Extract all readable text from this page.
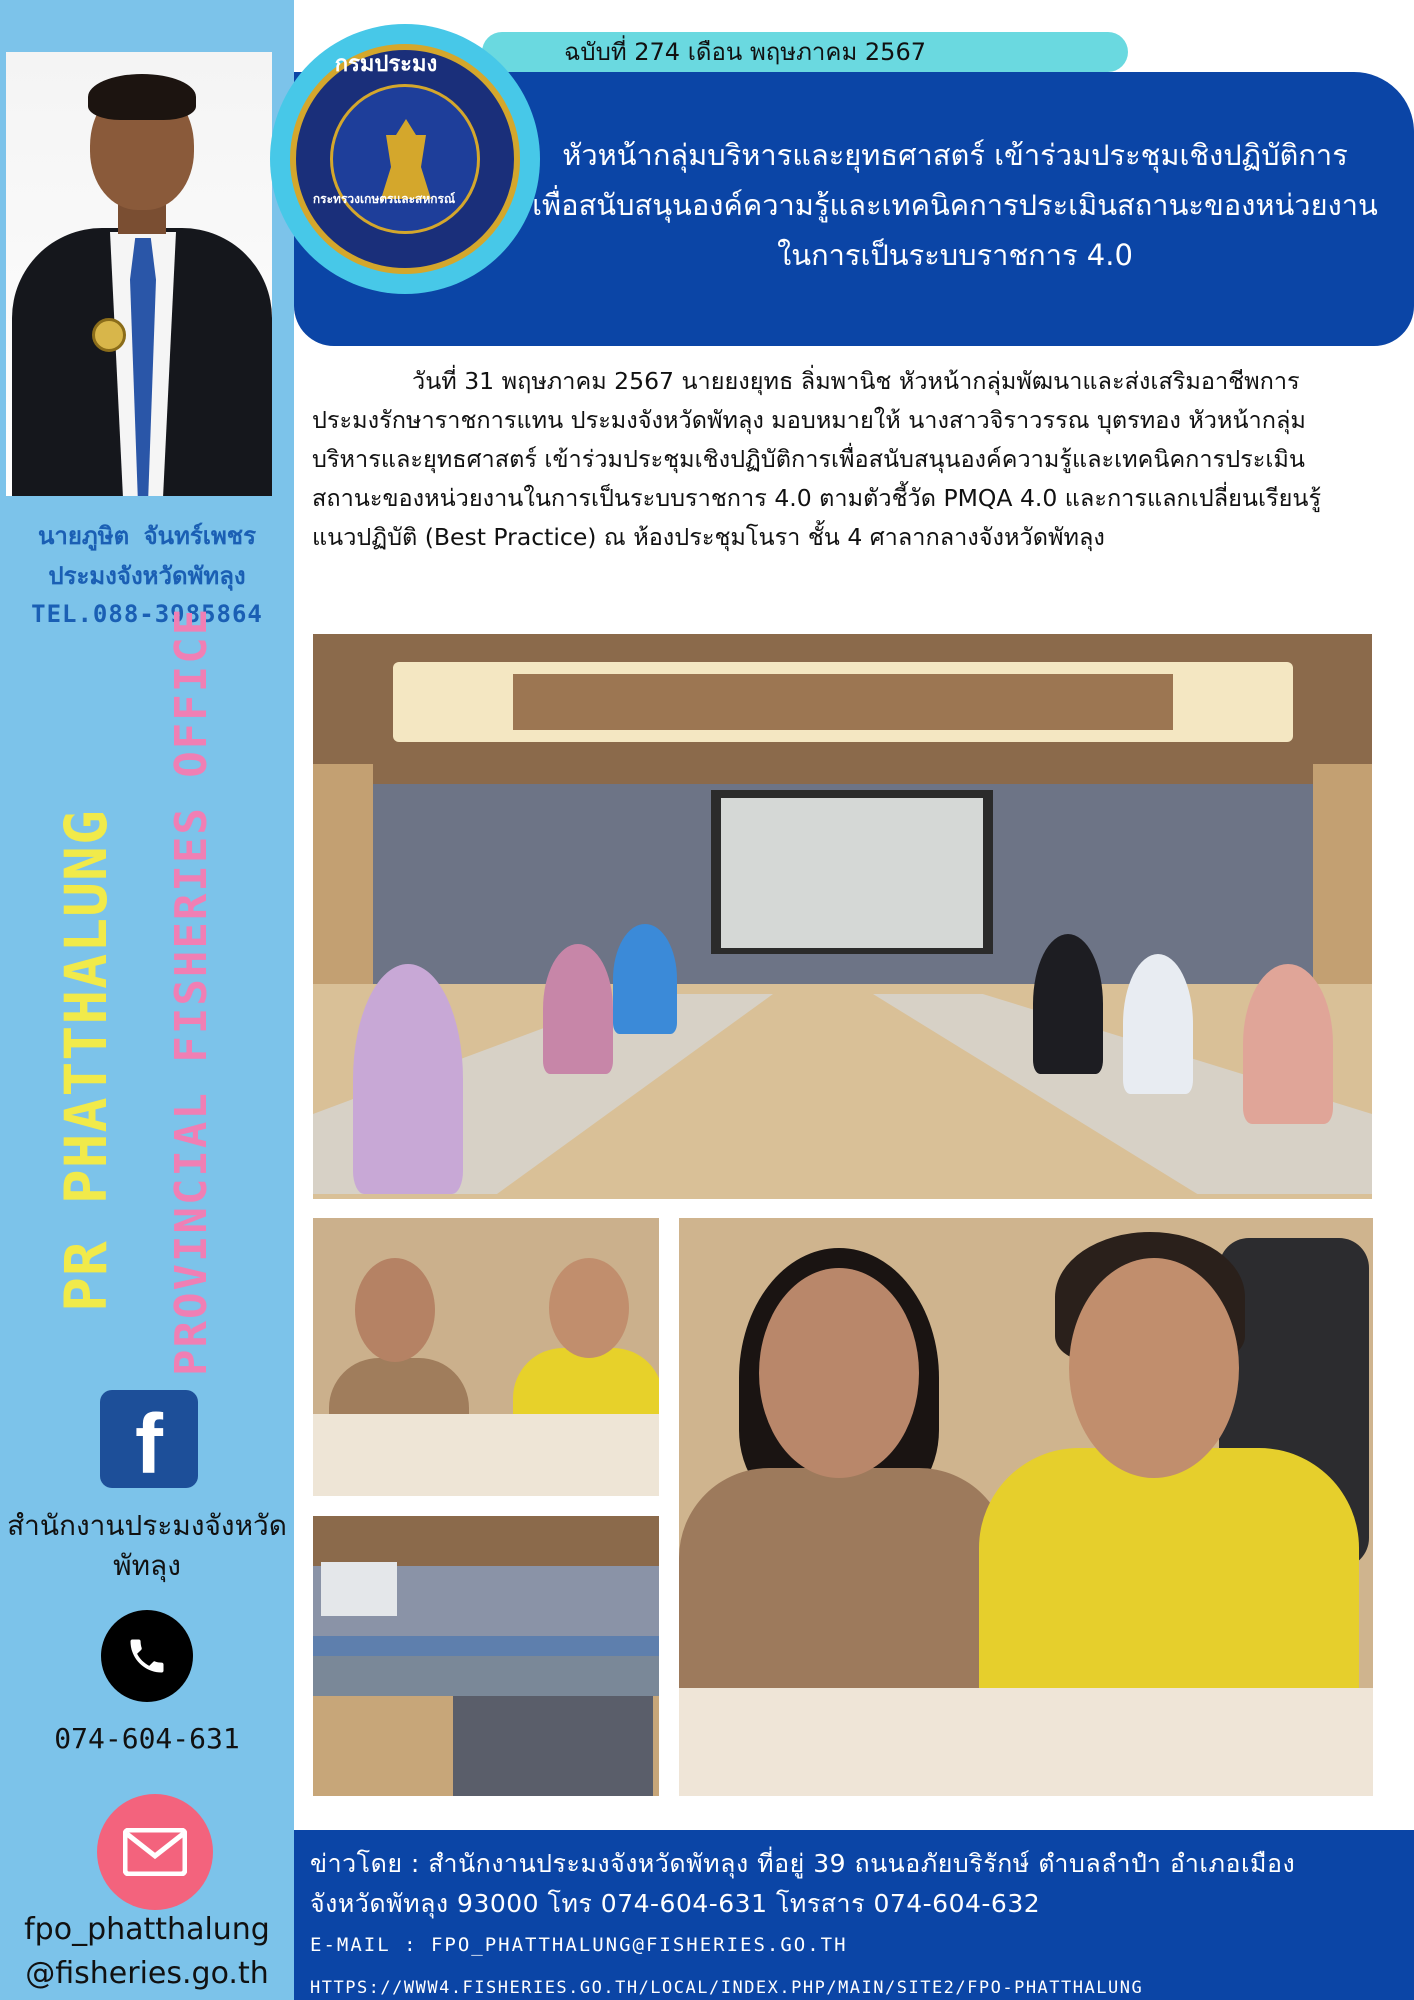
นายภูษิต จันทร์เพชร
ประมงจังหวัดพัทลุง
TEL.088-3985864
PR PHATTHALUNG PROVINCIAL FISHERIES OFFICE
f
สำนักงานประมงจังหวัด
พัทลุง
074-604-631
fpo_phatthalung
@fisheries.go.th
ฉบับที่ 274 เดือน พฤษภาคม 2567
หัวหน้ากลุ่มบริหารและยุทธศาสตร์ เข้าร่วมประชุมเชิงปฏิบัติการ
เพื่อสนับสนุนองค์ความรู้และเทคนิคการประเมินสถานะของหน่วยงาน
ในการเป็นระบบราชการ 4.0
กรมประมง
กระทรวงเกษตรและสหกรณ์

วันที่ 31 พฤษภาคม 2567 นายยงยุทธ ลิ่มพานิช หัวหน้ากลุ่มพัฒนาและส่งเสริมอาชีพการ

ประมงรักษาราชการแทน ประมงจังหวัดพัทลุง มอบหมายให้ นางสาวจิราวรรณ บุตรทอง หัวหน้ากลุ่ม

บริหารและยุทธศาสตร์ เข้าร่วมประชุมเชิงปฏิบัติการเพื่อสนับสนุนองค์ความรู้และเทคนิคการประเมิน

สถานะของหน่วยงานในการเป็นระบบราชการ 4.0 ตามตัวชี้วัด PMQA 4.0 และการแลกเปลี่ยนเรียนรู้

แนวปฏิบัติ (Best Practice) ณ ห้องประชุมโนรา ชั้น 4 ศาลากลางจังหวัดพัทลุง

ข่าวโดย : สำนักงานประมงจังหวัดพัทลุง ที่อยู่ 39 ถนนอภัยบริรักษ์ ตำบลลำปำ อำเภอเมือง
จังหวัดพัทลุง 93000 โทร 074-604-631 โทรสาร 074-604-632
E-MAIL : FPO_PHATTHALUNG@FISHERIES.GO.TH
HTTPS://WWW4.FISHERIES.GO.TH/LOCAL/INDEX.PHP/MAIN/SITE2/FPO-PHATTHALUNG
